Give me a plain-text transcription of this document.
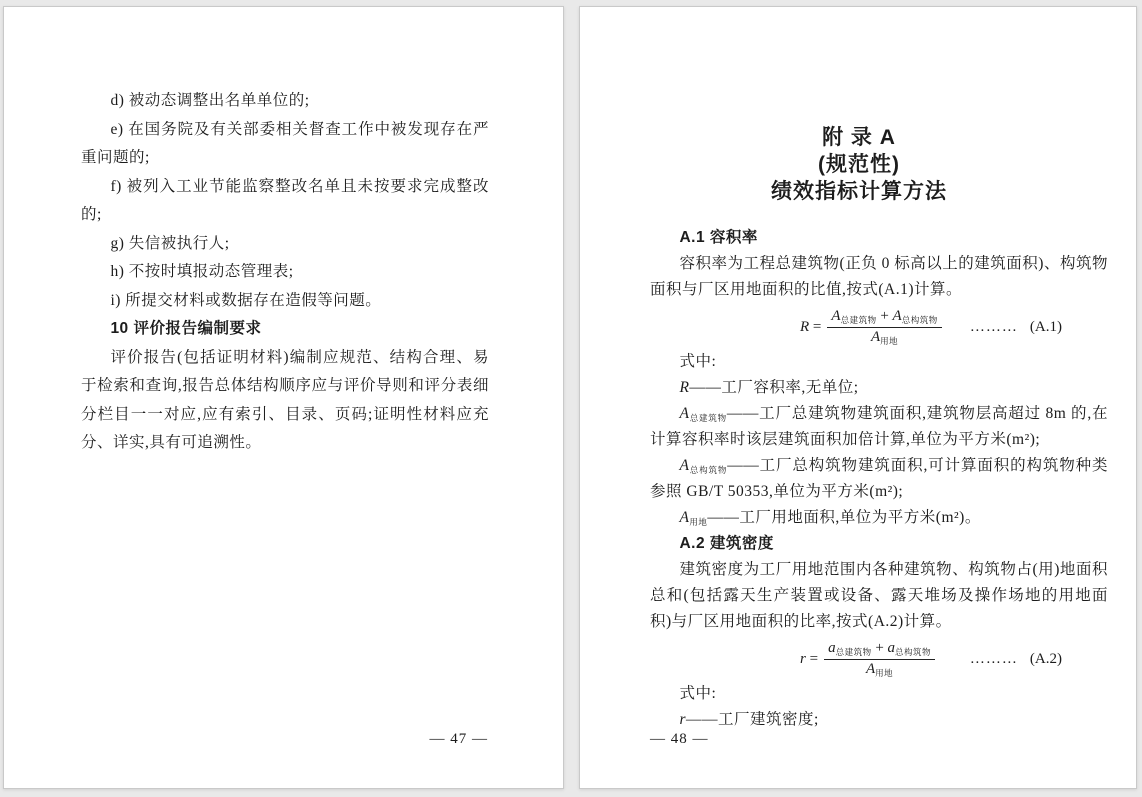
d) 被动态调整出名单单位的;

e) 在国务院及有关部委相关督查工作中被发现存在严重问题的;

f) 被列入工业节能监察整改名单且未按要求完成整改的;

g) 失信被执行人;

h) 不按时填报动态管理表;

i) 所提交材料或数据存在造假等问题。

10 评价报告编制要求

评价报告(包括证明材料)编制应规范、结构合理、易于检索和查询,报告总体结构顺序应与评价导则和评分表细分栏目一一对应,应有索引、目录、页码;证明性材料应充分、详实,具有可追溯性。

— 47 —

附 录 A

(规范性)

绩效指标计算方法

A.1 容积率

容积率为工程总建筑物(正负 0 标高以上的建筑面积)、构筑物面积与厂区用地面积的比值,按式(A.1)计算。

$R = \frac{A_{总建筑物} + A_{总构筑物}}{A_{用地}}$ ……… (A.1)

式中:

R——工厂容积率,无单位;

$A_{总建筑物}——$工厂总建筑物建筑面积,建筑物层高超过 8m 的,在计算容积率时该层建筑面积加倍计算,单位为平方米(m²);

$A_{总构筑物}——$工厂总构筑物建筑面积,可计算面积的构筑物种类参照 GB/T 50353,单位为平方米(m²);

$A_{用地}——$工厂用地面积,单位为平方米(m²)。

A.2 建筑密度

建筑密度为工厂用地范围内各种建筑物、构筑物占(用)地面积总和(包括露天生产装置或设备、露天堆场及操作场地的用地面积)与厂区用地面积的比率,按式(A.2)计算。

$r = \frac{a_{总建筑物} + a_{总构筑物}}{A_{用地}}$ ……… (A.2)

式中:

r——工厂建筑密度;

— 48 —
